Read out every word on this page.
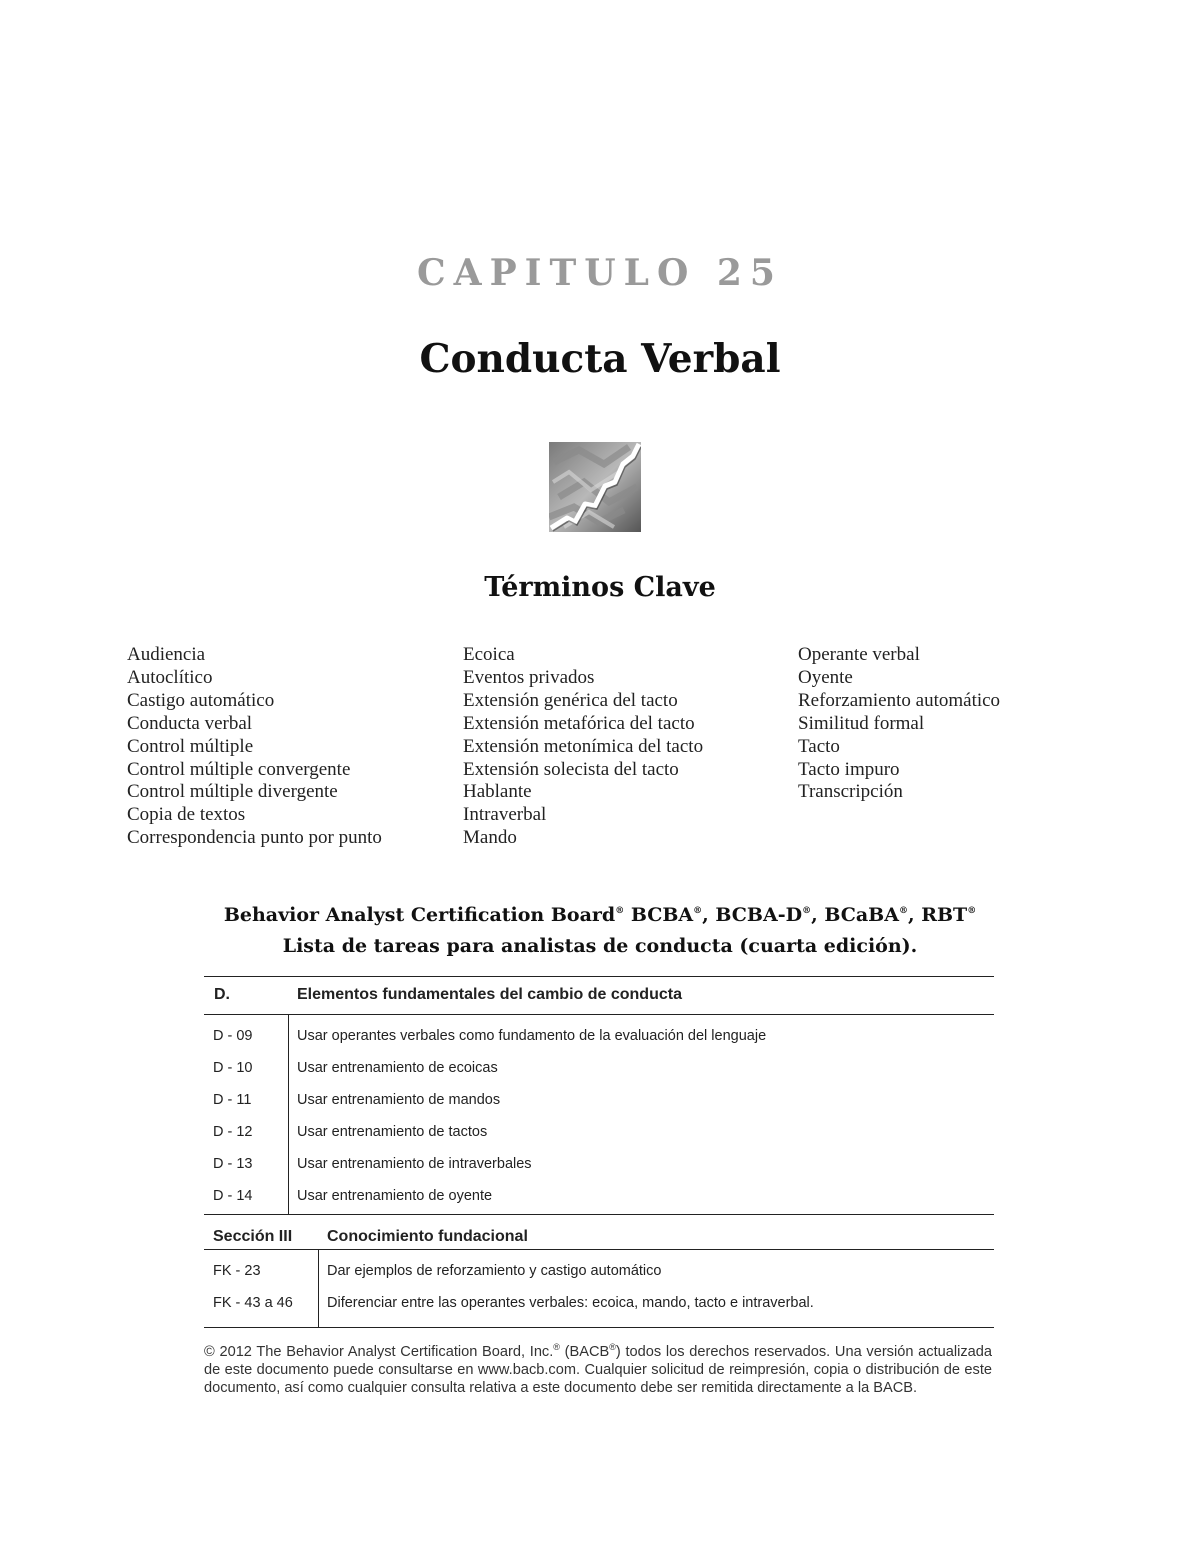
CAPITULO 25
Conducta Verbal
Términos Clave
Audiencia
Autoclítico
Castigo automático
Conducta verbal
Control múltiple
Control múltiple convergente
Control múltiple divergente
Copia de textos
Correspondencia punto por punto
Ecoica
Eventos privados
Extensión genérica del tacto
Extensión metafórica del tacto
Extensión metonímica del tacto
Extensión solecista del tacto
Hablante
Intraverbal
Mando
Operante verbal
Oyente
Reforzamiento automático
Similitud formal
Tacto
Tacto impuro
Transcripción
Behavior Analyst Certification Board® BCBA®, BCBA-D®, BCaBA®, RBT®
Lista de tareas para analistas de conducta (cuarta edición).
D.	Elementos fundamentales del cambio de conducta
D - 09	Usar operantes verbales como fundamento de la evaluación del lenguaje
D - 10	Usar entrenamiento de ecoicas
D - 11	Usar entrenamiento de mandos
D - 12	Usar entrenamiento de tactos
D - 13	Usar entrenamiento de intraverbales
D - 14	Usar entrenamiento de oyente
Sección III Conocimiento fundacional
FK - 23	Dar ejemplos de reforzamiento y castigo automático
FK - 43 a 46 Diferenciar entre las operantes verbales: ecoica, mando, tacto e intraverbal.

© 2012 The Behavior Analyst Certification Board, Inc.® (BACB®) todos los derechos reservados. Una versión actualizada de este documento puede consultarse en www.bacb.com. Cualquier solicitud de reimpresión, copia o distribución de este documento, así como cualquier consulta relativa a este documento debe ser remitida directamente a la BACB.
